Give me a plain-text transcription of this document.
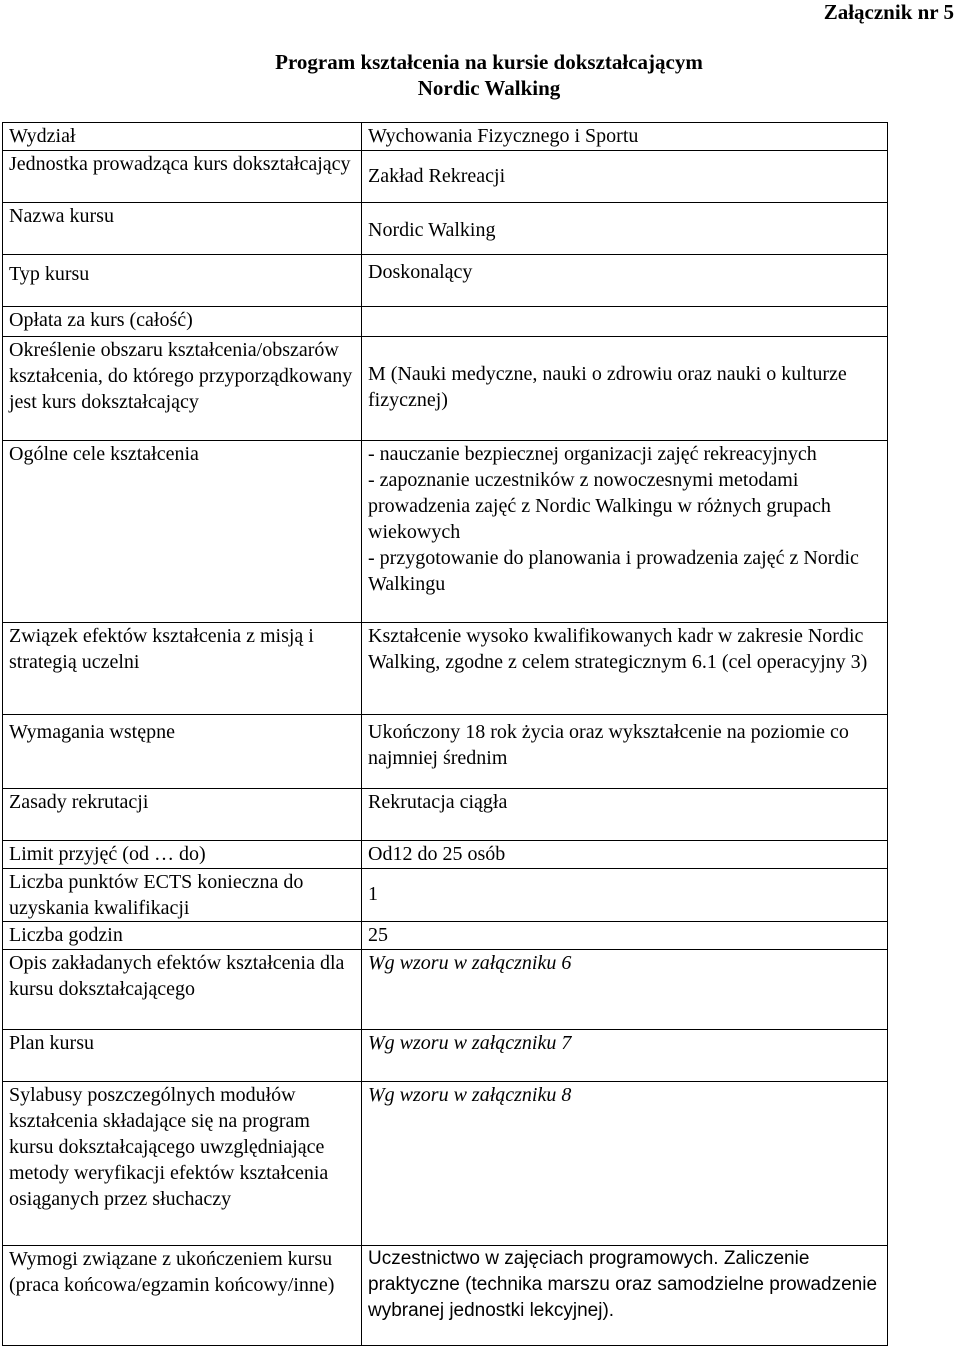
Załącznik nr 5
Program kształcenia na kursie dokształcającym
Nordic Walking
Wydział	Wychowania Fizycznego i Sportu
Jednostka prowadząca kurs dokształcający	Zakład Rekreacji
Nazwa kursu	Nordic Walking
Typ kursu	Doskonalący
Opłata za kurs (całość)	
Określenie obszaru kształcenia/obszarów kształcenia, do którego przyporządkowany jest kurs dokształcający	M (Nauki medyczne, nauki o zdrowiu oraz nauki o kulturze fizycznej)
Ogólne cele kształcenia	- nauczanie bezpiecznej organizacji zajęć rekreacyjnych
- zapoznanie uczestników z nowoczesnymi metodami prowadzenia zajęć z Nordic Walkingu w różnych grupach wiekowych
- przygotowanie do planowania i prowadzenia zajęć z Nordic Walkingu

Związek efektów kształcenia z misją i strategią uczelni	Kształcenie wysoko kwalifikowanych kadr w zakresie Nordic Walking, zgodne z celem strategicznym 6.1 (cel operacyjny 3)
Wymagania wstępne	Ukończony 18 rok życia oraz wykształcenie na poziomie co najmniej średnim
Zasady rekrutacji	Rekrutacja ciągła
Limit przyjęć (od … do)	Od12 do 25 osób
Liczba punktów ECTS konieczna do uzyskania kwalifikacji	1
Liczba godzin	25
Opis zakładanych efektów kształcenia dla kursu dokształcającego	Wg wzoru w załączniku 6
Plan kursu	Wg wzoru w załączniku 7
Sylabusy poszczególnych modułów kształcenia składające się na program kursu dokształcającego uwzględniające metody weryfikacji efektów kształcenia osiąganych przez słuchaczy	Wg wzoru w załączniku 8
Wymogi związane z ukończeniem kursu (praca końcowa/egzamin końcowy/inne)	Uczestnictwo w zajęciach programowych. Zaliczenie praktyczne (technika marszu oraz samodzielne prowadzenie wybranej jednostki lekcyjnej).
